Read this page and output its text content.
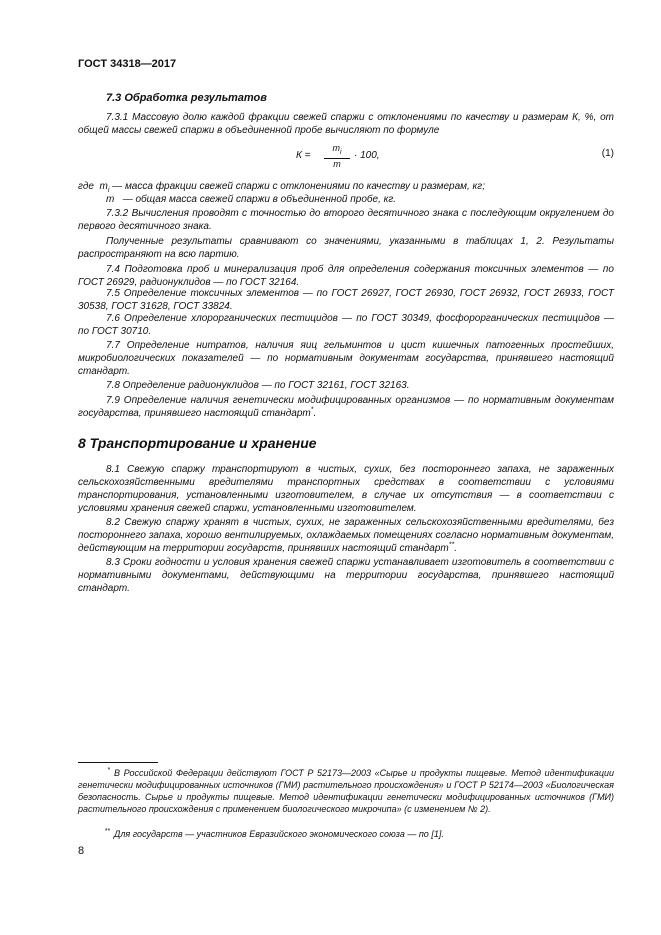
ГОСТ 34318—2017
7.3 Обработка результатов
7.3.1 Массовую долю каждой фракции свежей спаржи с отклонениями по качеству и размерам К, %, от общей массы свежей спаржи в объединенной пробе вычисляют по формуле
$К = \frac{m_i}{m} \cdot 100$,	(1)
где $m_i$ — масса фракции свежей спаржи с отклонениями по качеству и размерам, кг;
m — общая масса свежей спаржи в объединенной пробе, кг.
7.3.2 Вычисления проводят с точностью до второго десятичного знака с последующим округлением до первого десятичного знака.
Полученные результаты сравнивают со значениями, указанными в таблицах 1, 2. Результаты распространяют на всю партию.
7.4 Подготовка проб и минерализация проб для определения содержания токсичных элементов — по ГОСТ 26929, радионуклидов — по ГОСТ 32164.
7.5 Определение токсичных элементов — по ГОСТ 26927, ГОСТ 26930, ГОСТ 26932, ГОСТ 26933, ГОСТ 30538, ГОСТ 31628, ГОСТ 33824.
7.6 Определение хлорорганических пестицидов — по ГОСТ 30349, фосфорорганических пестицидов — по ГОСТ 30710.
7.7 Определение нитратов, наличия яиц гельминтов и цист кишечных патогенных простейших, микробиологических показателей — по нормативным документам государства, принявшего настоящий стандарт.
7.8 Определение радионуклидов — по ГОСТ 32161, ГОСТ 32163.
7.9 Определение наличия генетически модифицированных организмов — по нормативным документам государства, принявшего настоящий стандарт*.
8 Транспортирование и хранение
8.1 Свежую спаржу транспортируют в чистых, сухих, без постороннего запаха, не зараженных сельскохозяйственными вредителями транспортных средствах в соответствии с условиями транспортирования, установленными изготовителем, в случае их отсутствия — в соответствии с условиями хранения свежей спаржи, установленными изготовителем.
8.2 Свежую спаржу хранят в чистых, сухих, не зараженных сельскохозяйственными вредителями, без постороннего запаха, хорошо вентилируемых, охлаждаемых помещениях согласно нормативным документам, действующим на территории государств, принявших настоящий стандарт**.
8.3 Сроки годности и условия хранения свежей спаржи устанавливает изготовитель в соответствии с нормативными документами, действующими на территории государства, принявшего настоящий стандарт.
* В Российской Федерации действуют ГОСТ Р 52173—2003 «Сырье и продукты пищевые. Метод идентификации генетически модифицированных источников (ГМИ) растительного происхождения» и ГОСТ Р 52174—2003 «Биологическая безопасность. Сырье и продукты пищевые. Метод идентификации генетически модифицированных источников (ГМИ) растительного происхождения с применением биологического микрочипа» (с изменением № 2).
** Для государств — участников Евразийского экономического союза — по [1].
8
